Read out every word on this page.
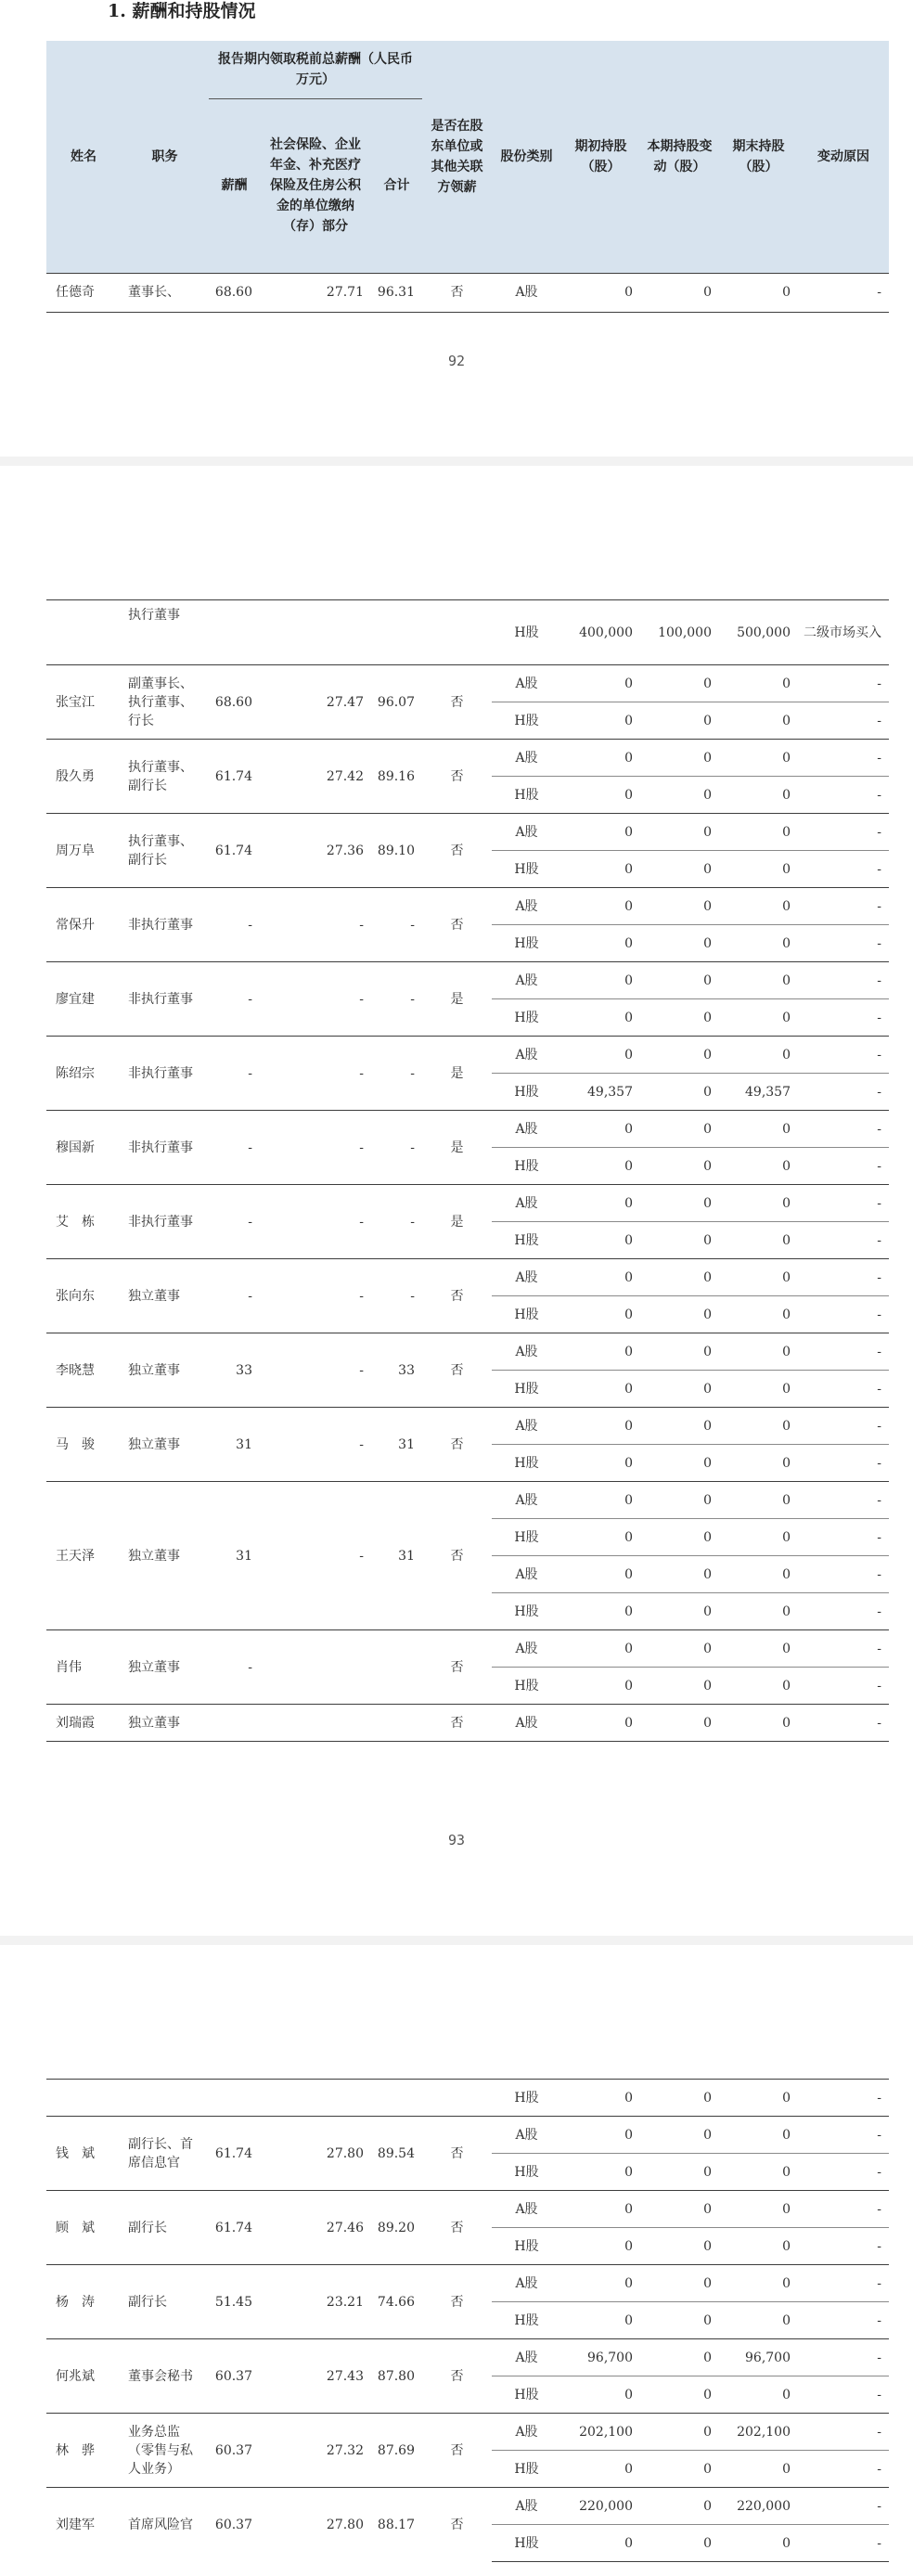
1. 薪酬和持股情况
姓名	职务	报告期内领取税前总薪酬（人民币万元）			是否在股东单位或其他关联方领薪	股份类别	期初持股（股）	本期持股变动（股）	期末持股（股）	变动原因
		薪酬	社会保险、企业年金、补充医疗保险及住房公积金的单位缴纳（存）部分	合计						

任德奇	董事长、	68.60	27.71	96.31	否	A股	0	0	0	-
92
	执行董事					H股	400,000	100,000	500,000	二级市场买入
张宝江	副董事长、执行董事、行长	68.60	27.47	96.07	否	A股	0	0	0	-
						H股	0	0	0	-
殷久勇	执行董事、副行长	61.74	27.42	89.16	否	A股	0	0	0	-
						H股	0	0	0	-
周万阜	执行董事、副行长	61.74	27.36	89.10	否	A股	0	0	0	-
						H股	0	0	0	-
常保升	非执行董事	-	-	-	否	A股	0	0	0	-
						H股	0	0	0	-
廖宜建	非执行董事	-	-	-	是	A股	0	0	0	-
						H股	0	0	0	-
陈绍宗	非执行董事	-	-	-	是	A股	0	0	0	-
						H股	49,357	0	49,357	-
穆国新	非执行董事	-	-	-	是	A股	0	0	0	-
						H股	0	0	0	-
艾　栋	非执行董事	-	-	-	是	A股	0	0	0	-
						H股	0	0	0	-
张向东	独立董事	-	-	-	否	A股	0	0	0	-
						H股	0	0	0	-
李晓慧	独立董事	33	-	33	否	A股	0	0	0	-
						H股	0	0	0	-
马　骏	独立董事	31	-	31	否	A股	0	0	0	-
						H股	0	0	0	-
王天泽	独立董事	31	-	31	否	A股	0	0	0	-
						H股	0	0	0	-
						A股	0	0	0	-
						H股	0	0	0	-
肖伟	独立董事	-			否	A股	0	0	0	-
						H股	0	0	0	-
刘瑞霞	独立董事				否	A股	0	0	0	-
93
						H股	0	0	0	-
钱　斌	副行长、首席信息官	61.74	27.80	89.54	否	A股	0	0	0	-
						H股	0	0	0	-
顾　斌	副行长	61.74	27.46	89.20	否	A股	0	0	0	-
						H股	0	0	0	-
杨　涛	副行长	51.45	23.21	74.66	否	A股	0	0	0	-
						H股	0	0	0	-
何兆斌	董事会秘书	60.37	27.43	87.80	否	A股	96,700	0	96,700	-
						H股	0	0	0	-
林　骅	业务总监（零售与私人业务）	60.37	27.32	87.69	否	A股	202,100	0	202,100	-
						H股	0	0	0	-
刘建军	首席风险官	60.37	27.80	88.17	否	A股	220,000	0	220,000	-
						H股	0	0	0	-
